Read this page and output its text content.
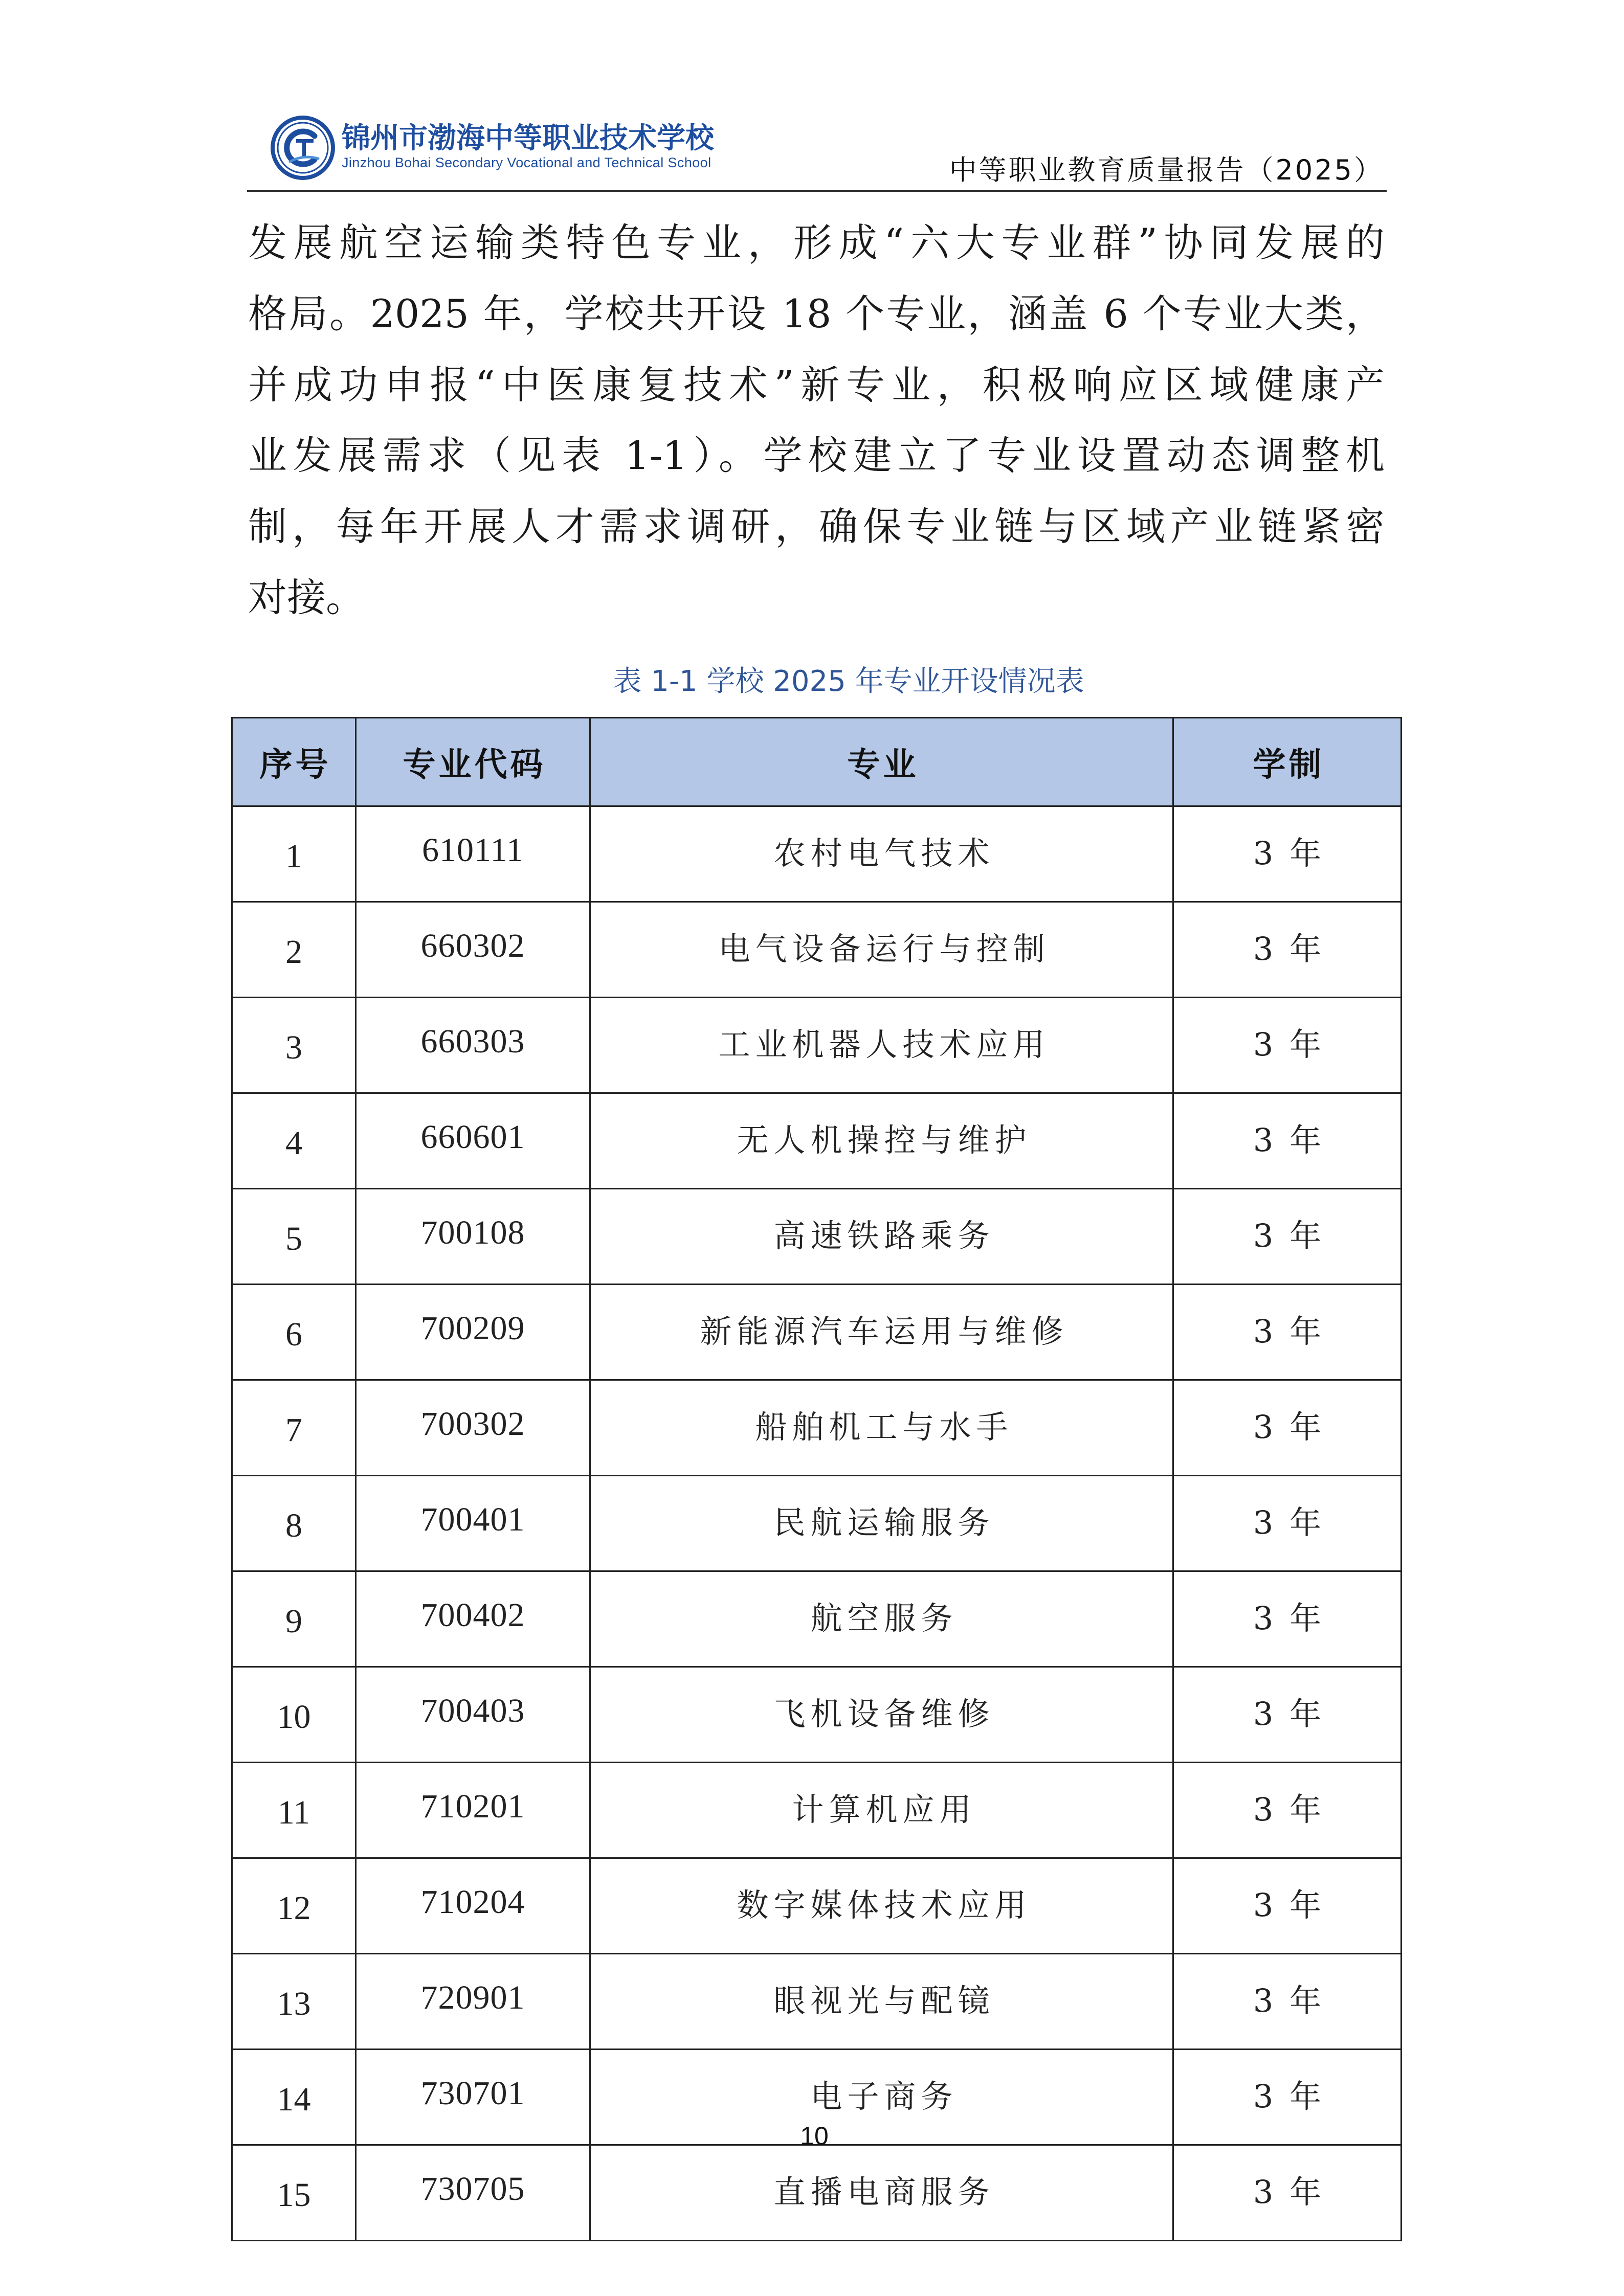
锦州市渤海中等职业技术学校
Jinzhou Bohai Secondary Vocational and Technical School	中等职业教育质量报告（2025）
发展航空运输类特色专业，形成“六大专业群”协同发展的
格局。2025 年，学校共开设 18 个专业，涵盖 6 个专业大类，
并成功申报“中医康复技术”新专业，积极响应区域健康产
业发展需求（见表 1-1）。学校建立了专业设置动态调整机
制，每年开展人才需求调研，确保专业链与区域产业链紧密
对接。
表 1-1 学校 2025 年专业开设情况表
序号	专业代码	专业	学制
1	610111	农村电气技术	3 年
2	660302	电气设备运行与控制	3 年
3	660303	工业机器人技术应用	3 年
4	660601	无人机操控与维护	3 年
5	700108	高速铁路乘务	3 年
6	700209	新能源汽车运用与维修	3 年
7	700302	船舶机工与水手	3 年
8	700401	民航运输服务	3 年
9	700402	航空服务	3 年
10	700403	飞机设备维修	3 年
11	710201	计算机应用	3 年
12	710204	数字媒体技术应用	3 年
13	720901	眼视光与配镜	3 年
14	730701	电子商务	3 年
15	730705	直播电商服务	3 年
10
